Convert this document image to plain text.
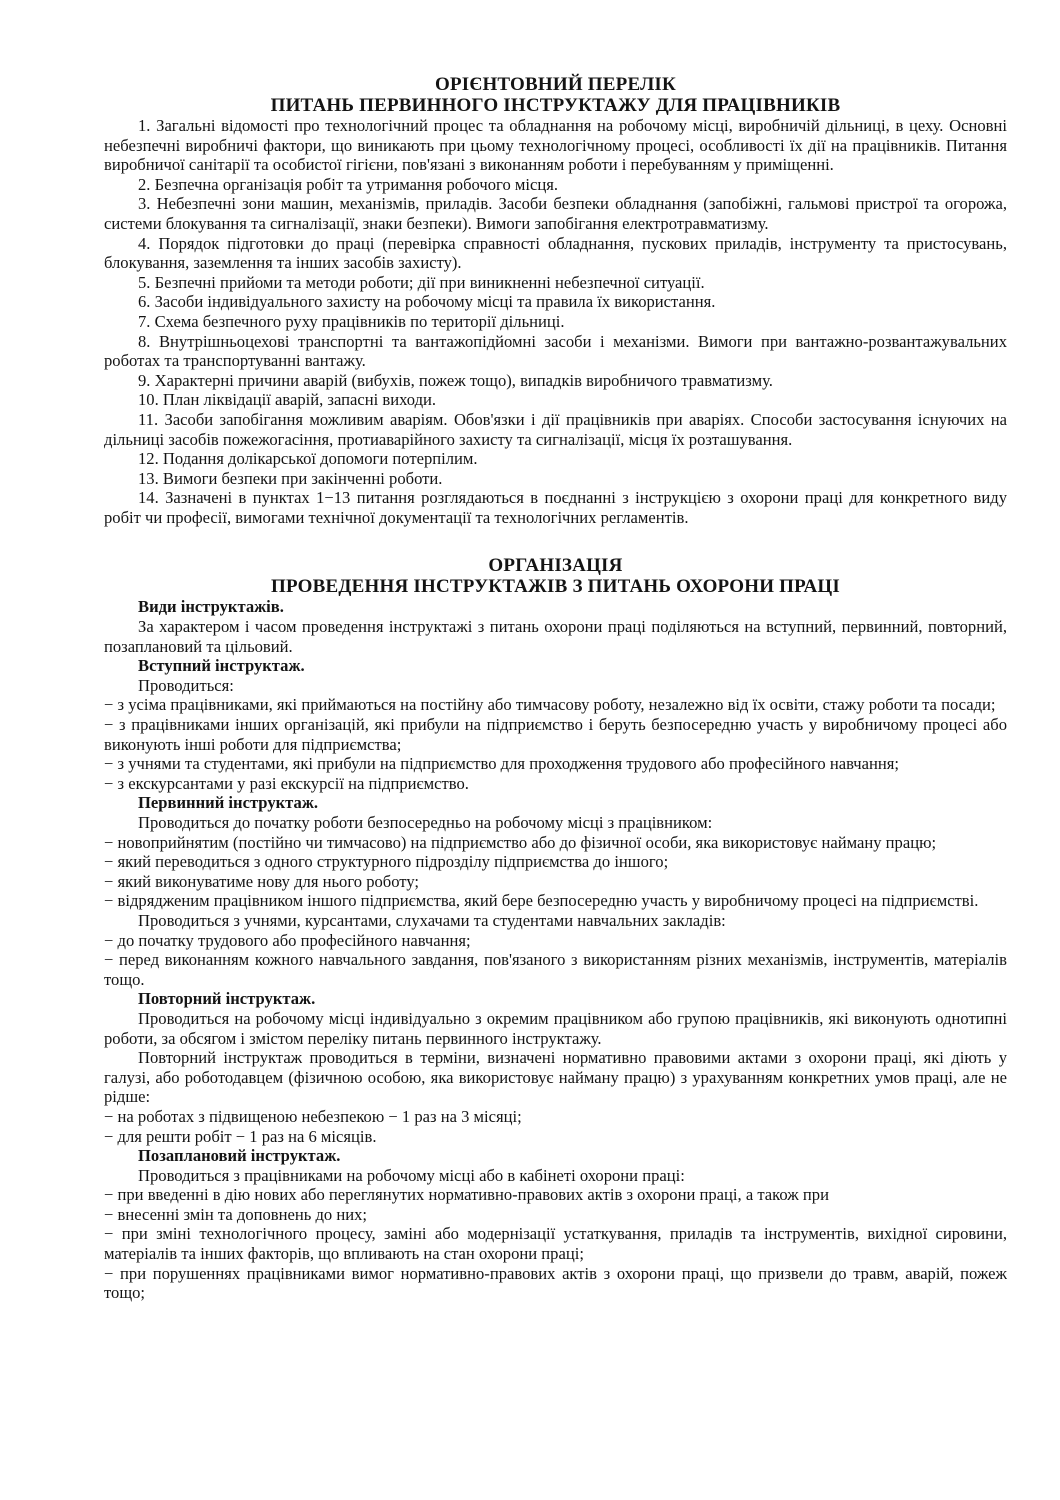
ОРІЄНТОВНИЙ ПЕРЕЛІК

ПИТАНЬ ПЕРВИННОГО ІНСТРУКТАЖУ ДЛЯ ПРАЦІВНИКІВ

1. Загальні відомості про технологічний процес та обладнання на робочому місці, виробничій дільниці, в цеху. Основні небезпечні виробничі фактори, що виникають при цьому технологічному процесі, особливості їх дії на працівників. Питання виробничої санітарії та особистої гігієни, пов'язані з виконанням роботи і перебуванням у приміщенні.

2. Безпечна організація робіт та утримання робочого місця.

3. Небезпечні зони машин, механізмів, приладів. Засоби безпеки обладнання (запобіжні, гальмові пристрої та огорожа, системи блокування та сигналізації, знаки безпеки). Вимоги запобігання електротравматизму.

4. Порядок підготовки до праці (перевірка справності обладнання, пускових приладів, інструменту та пристосувань, блокування, заземлення та інших засобів захисту).

5. Безпечні прийоми та методи роботи; дії при виникненні небезпечної ситуації.

6. Засоби індивідуального захисту на робочому місці та правила їх використання.

7. Схема безпечного руху працівників по території дільниці.

8. Внутрішньоцехові транспортні та вантажопідйомні засоби і механізми. Вимоги при вантажно-розвантажувальних роботах та транспортуванні вантажу.

9. Характерні причини аварій (вибухів, пожеж тощо), випадків виробничого травматизму.

10. План ліквідації аварій, запасні виходи.

11. Засоби запобігання можливим аваріям. Обов'язки і дії працівників при аваріях. Способи застосування існуючих на дільниці засобів пожежогасіння, протиаварійного захисту та сигналізації, місця їх розташування.

12. Подання долікарської допомоги потерпілим.

13. Вимоги безпеки при закінченні роботи.

14. Зазначені в пунктах 1−13 питання розглядаються в поєднанні з інструкцією з охорони праці для конкретного виду робіт чи професії, вимогами технічної документації та технологічних регламентів.

ОРГАНІЗАЦІЯ

ПРОВЕДЕННЯ ІНСТРУКТАЖІВ З ПИТАНЬ ОХОРОНИ ПРАЦІ

Види інструктажів.

За характером і часом проведення інструктажі з питань охорони праці поділяються на вступний, первинний, повторний, позаплановий та цільовий.

Вступний інструктаж.

Проводиться:

− з усіма працівниками, які приймаються на постійну або тимчасову роботу, незалежно від їх освіти, стажу роботи та посади;

− з працівниками інших організацій, які прибули на підприємство і беруть безпосередню участь у виробничому процесі або виконують інші роботи для підприємства;

− з учнями та студентами, які прибули на підприємство для проходження трудового або професійного навчання;

− з екскурсантами у разі екскурсії на підприємство.

Первинний інструктаж.

Проводиться до початку роботи безпосередньо на робочому місці з працівником:

− новоприйнятим (постійно чи тимчасово) на підприємство або до фізичної особи, яка використовує найману працю;

− який переводиться з одного структурного підрозділу підприємства до іншого;

− який виконуватиме нову для нього роботу;

− відрядженим працівником іншого підприємства, який бере безпосередню участь у виробничому процесі на підприємстві.

Проводиться з учнями, курсантами, слухачами та студентами навчальних закладів:

− до початку трудового або професійного навчання;

− перед виконанням кожного навчального завдання, пов'язаного з використанням різних механізмів, інструментів, матеріалів тощо.

Повторний інструктаж.

Проводиться на робочому місці індивідуально з окремим працівником або групою працівників, які виконують однотипні роботи, за обсягом і змістом переліку питань первинного інструктажу.

Повторний інструктаж проводиться в терміни, визначені нормативно правовими актами з охорони праці, які діють у галузі, або роботодавцем (фізичною особою, яка використовує найману працю) з урахуванням конкретних умов праці, але не рідше:

− на роботах з підвищеною небезпекою − 1 раз на 3 місяці;

− для решти робіт − 1 раз на 6 місяців.

Позаплановий інструктаж.

Проводиться з працівниками на робочому місці або в кабінеті охорони праці:

− при введенні в дію нових або переглянутих нормативно-правових актів з охорони праці, а також при

− внесенні змін та доповнень до них;

− при зміні технологічного процесу, заміні або модернізації устаткування, приладів та інструментів, вихідної сировини, матеріалів та інших факторів, що впливають на стан охорони праці;

− при порушеннях працівниками вимог нормативно-правових актів з охорони праці, що призвели до травм, аварій, пожеж тощо;
